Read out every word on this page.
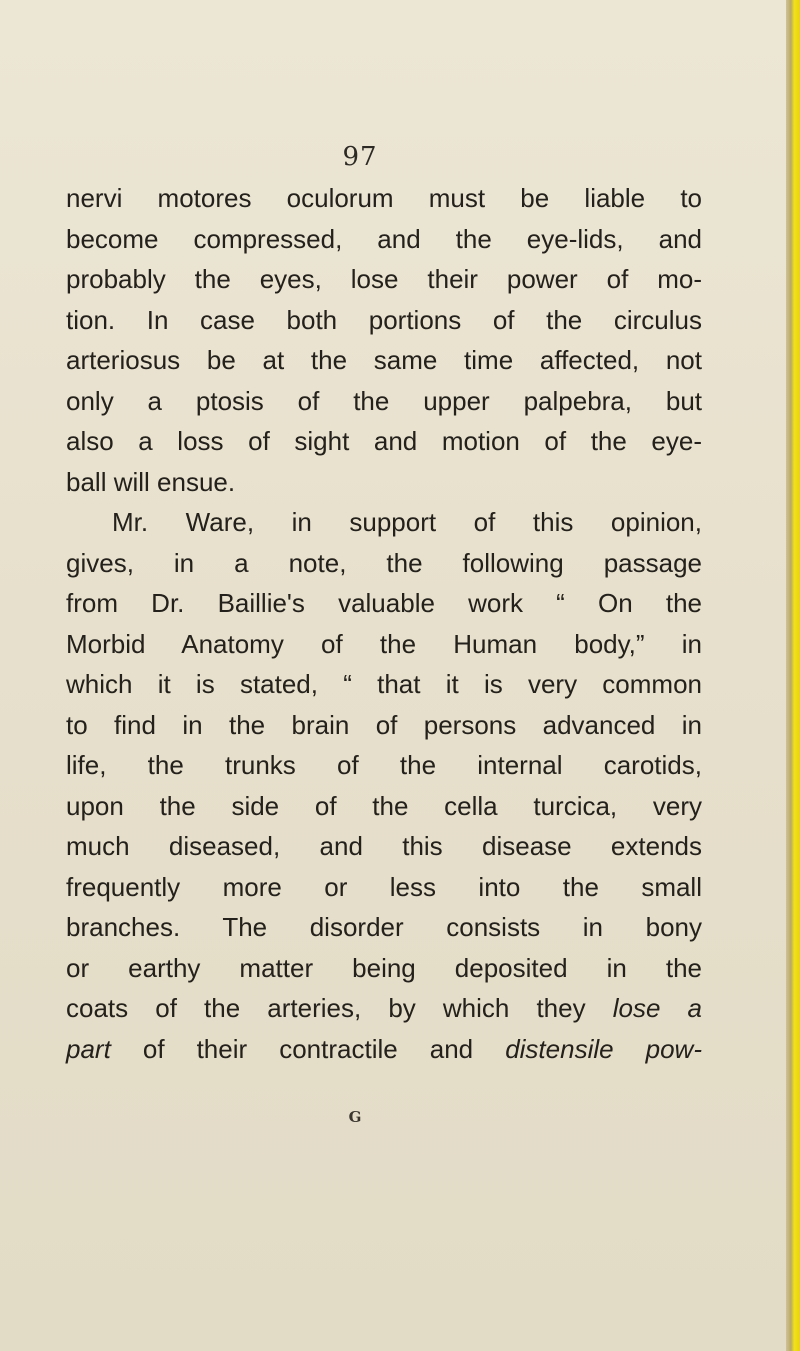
97
nervi motores oculorum must be liable to
become compressed, and the eye-lids, and
probably the eyes, lose their power of mo-
tion. In case both portions of the circulus
arteriosus be at the same time affected, not
only a ptosis of the upper palpebra, but
also a loss of sight and motion of the eye-
ball will ensue.
Mr. Ware, in support of this opinion,
gives, in a note, the following passage
from Dr. Baillie's valuable work “ On the
Morbid Anatomy of the Human body,” in
which it is stated, “ that it is very common
to find in the brain of persons advanced in
life, the trunks of the internal carotids,
upon the side of the cella turcica, very
much diseased, and this disease extends
frequently more or less into the small
branches. The disorder consists in bony
or earthy matter being deposited in the
coats of the arteries, by which they lose a
part of their contractile and distensile pow-
G
